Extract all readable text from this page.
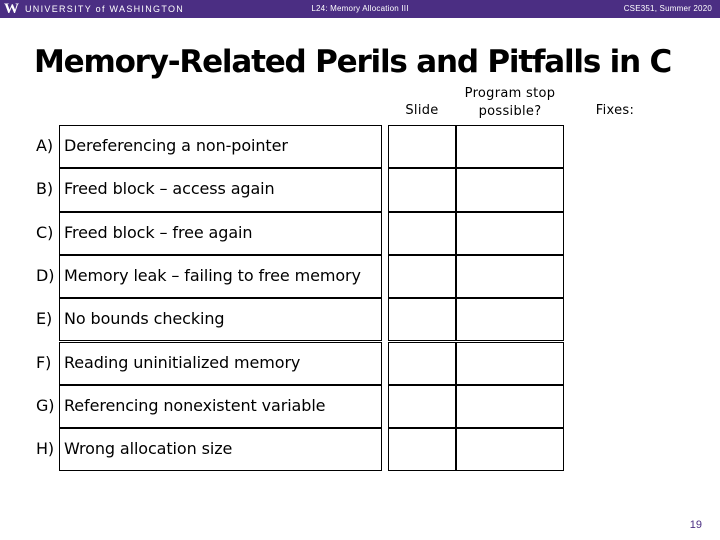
W UNIVERSITY of WASHINGTON	L24: Memory Allocation III	CSE351, Summer 2020
Memory-Related Perils and Pitfalls in C
Slide
Program stop possible?	Fixes:
A) Dereferencing a non-pointer
B) Freed block – access again
C) Freed block – free again
D) Memory leak – failing to free memory
E) No bounds checking
F) Reading uninitialized memory
G) Referencing nonexistent variable
H) Wrong allocation size
19
